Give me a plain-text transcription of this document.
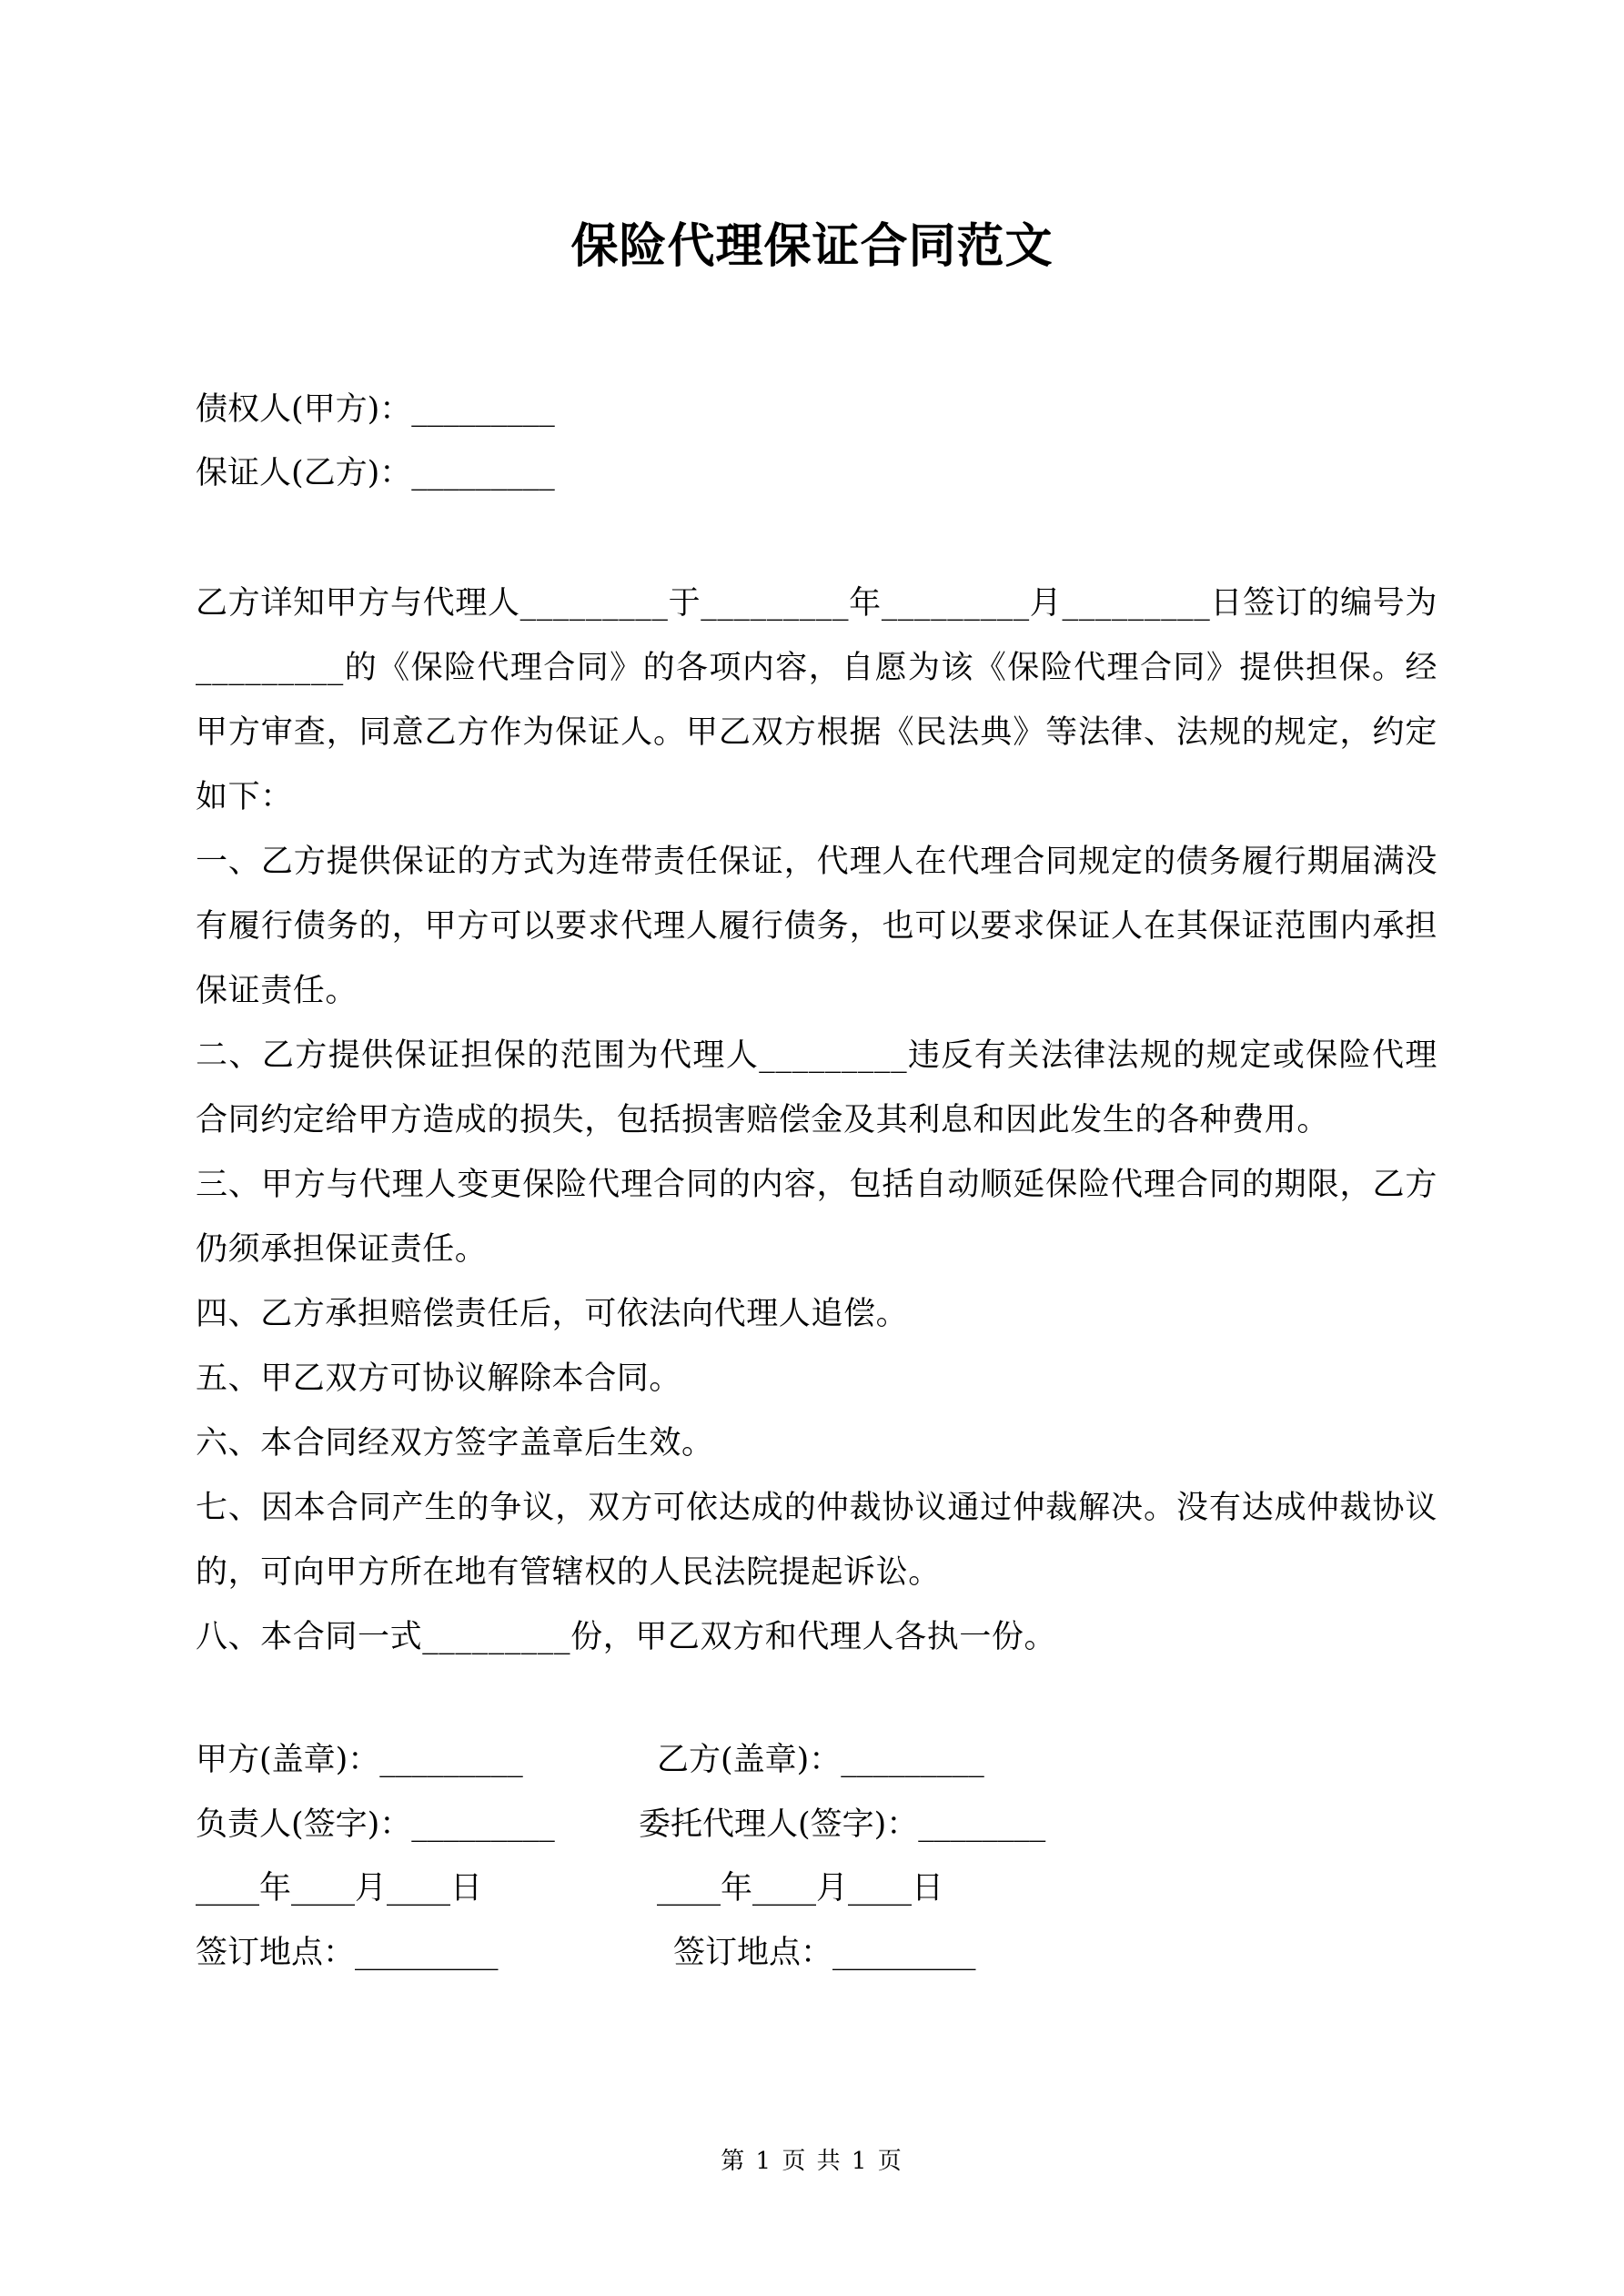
保险代理保证合同范文
债权人(甲方)：_________
保证人(乙方)：_________

乙方详知甲方与代理人_________于_________年_________月_________日签订的编号为_________的《保险代理合同》的各项内容，自愿为该《保险代理合同》提供担保。经甲方审查，同意乙方作为保证人。甲乙双方根据《民法典》等法律、法规的规定，约定如下：

一、乙方提供保证的方式为连带责任保证，代理人在代理合同规定的债务履行期届满没有履行债务的，甲方可以要求代理人履行债务，也可以要求保证人在其保证范围内承担保证责任。

二、乙方提供保证担保的范围为代理人_________违反有关法律法规的规定或保险代理合同约定给甲方造成的损失，包括损害赔偿金及其利息和因此发生的各种费用。

三、甲方与代理人变更保险代理合同的内容，包括自动顺延保险代理合同的期限，乙方仍须承担保证责任。

四、乙方承担赔偿责任后，可依法向代理人追偿。

五、甲乙双方可协议解除本合同。

六、本合同经双方签字盖章后生效。

七、因本合同产生的争议，双方可依达成的仲裁协议通过仲裁解决。没有达成仲裁协议的，可向甲方所在地有管辖权的人民法院提起诉讼。

八、本合同一式_________份，甲乙双方和代理人各执一份。

甲方(盖章)：_________	乙方(盖章)：_________
负责人(签字)：_________	委托代理人(签字)：________
____年____月____日	____年____月____日
签订地点：_________	签订地点：_________
第 1 页 共 1 页
